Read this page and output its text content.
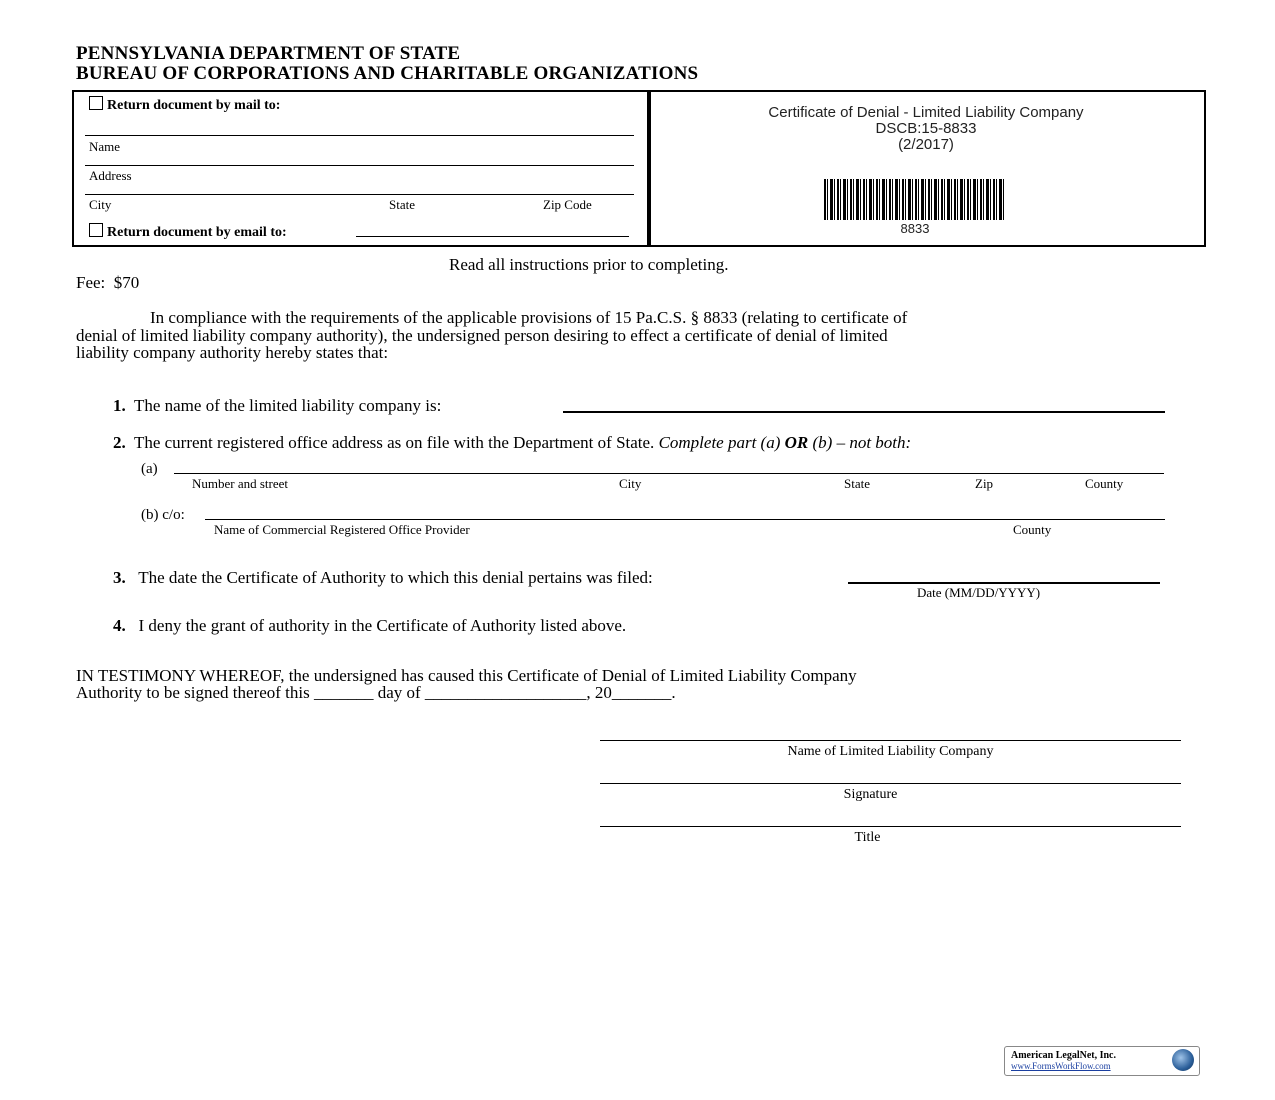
PENNSYLVANIA DEPARTMENT OF STATE
BUREAU OF CORPORATIONS AND CHARITABLE ORGANIZATIONS
Return document by mail to:
Name
Address
City	State	Zip Code
Return document by email to:
Certificate of Denial - Limited Liability Company
DSCB:15-8833
(2/2017)
8833
Read all instructions prior to completing.
Fee: $70
In compliance with the requirements of the applicable provisions of 15 Pa.C.S. § 8833 (relating to certificate of
denial of limited liability company authority), the undersigned person desiring to effect a certificate of denial of limited
liability company authority hereby states that:
1. The name of the limited liability company is:
2. The current registered office address as on file with the Department of State. Complete part (a) OR (b) – not both:
(a)
Number and street	City	State	Zip	County
(b) c/o:
Name of Commercial Registered Office Provider	County
3. The date the Certificate of Authority to which this denial pertains was filed:
Date (MM/DD/YYYY)
4. I deny the grant of authority in the Certificate of Authority listed above.
IN TESTIMONY WHEREOF, the undersigned has caused this Certificate of Denial of Limited Liability Company
Authority to be signed thereof this _______ day of ___________________, 20_______.
Name of Limited Liability Company
Signature
Title
American LegalNet, Inc.
www.FormsWorkFlow.com
